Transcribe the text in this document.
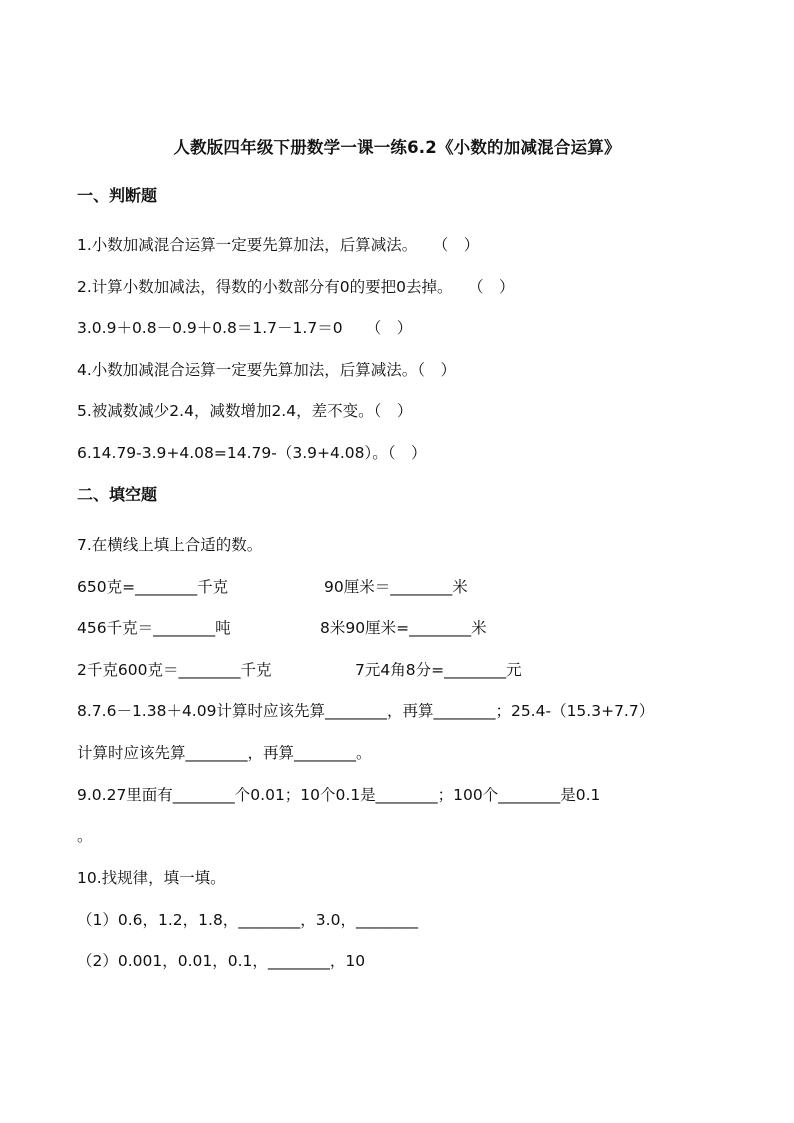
人教版四年级下册数学一课一练6.2《小数的加减混合运算》
一、判断题
1.小数加减混合运算一定要先算加法，后算减法。　　（　）
2.计算小数加减法，得数的小数部分有0的要把0去掉。　　（　）
3.0.9＋0.8－0.9＋0.8＝1.7－1.7＝0　　（　）
4.小数加减混合运算一定要先算加法，后算减法。（　）
5.被减数减少2.4，减数增加2.4，差不变。（　）
6.14.79-3.9+4.08=14.79-（3.9+4.08）。（　）
二、填空题
7.在横线上填上合适的数。
650克=________千克	90厘米＝________米
456千克＝________吨	8米90厘米=________米
2千克600克＝________千克	7元4角8分=________元
8.7.6－1.38＋4.09计算时应该先算________，再算________；25.4-（15.3+7.7）
计算时应该先算________，再算________。
9.0.27里面有________个0.01；10个0.1是________；100个________是0.1
。
10.找规律，填一填。
（1）0.6，1.2，1.8，________，3.0，________
（2）0.001，0.01，0.1，________，10
